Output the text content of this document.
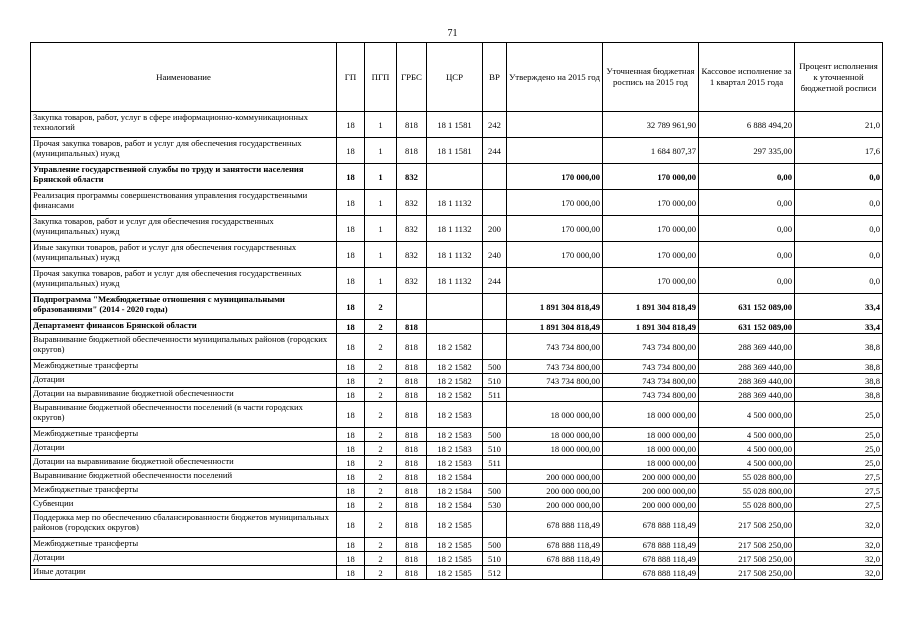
71
Наименование	ГП	ПГП	ГРБС	ЦСР	ВР	Утверждено на 2015 год	Уточненная бюджетная роспись на 2015 год	Кассовое исполнение за 1 квартал 2015 года	Процент исполнения к уточненной бюджетной росписи
Закупка товаров, работ, услуг в сфере информационно-коммуникационных технологий	18	1	818	18 1 1581	242		32 789 961,90	6 888 494,20	21,0
Прочая закупка товаров, работ и услуг для обеспечения государственных (муниципальных) нужд	18	1	818	18 1 1581	244		1 684 807,37	297 335,00	17,6
Управление государственной службы по труду и занятости населения Брянской области	18	1	832			170 000,00	170 000,00	0,00	0,0
Реализация программы совершенствования управления государственными финансами	18	1	832	18 1 1132		170 000,00	170 000,00	0,00	0,0
Закупка товаров, работ и услуг для обеспечения государственных (муниципальных) нужд	18	1	832	18 1 1132	200	170 000,00	170 000,00	0,00	0,0
Иные закупки товаров, работ и услуг для обеспечения государственных (муниципальных) нужд	18	1	832	18 1 1132	240	170 000,00	170 000,00	0,00	0,0
Прочая закупка товаров, работ и услуг для обеспечения государственных (муниципальных) нужд	18	1	832	18 1 1132	244		170 000,00	0,00	0,0
Подпрограмма "Межбюджетные отношения с муниципальными образованиями" (2014 - 2020 годы)	18	2				1 891 304 818,49	1 891 304 818,49	631 152 089,00	33,4
Департамент финансов Брянской области	18	2	818			1 891 304 818,49	1 891 304 818,49	631 152 089,00	33,4
Выравнивание бюджетной обеспеченности муниципальных районов (городских округов)	18	2	818	18 2 1582		743 734 800,00	743 734 800,00	288 369 440,00	38,8
Межбюджетные трансферты	18	2	818	18 2 1582	500	743 734 800,00	743 734 800,00	288 369 440,00	38,8
Дотации	18	2	818	18 2 1582	510	743 734 800,00	743 734 800,00	288 369 440,00	38,8
Дотации на выравнивание бюджетной обеспеченности	18	2	818	18 2 1582	511		743 734 800,00	288 369 440,00	38,8
Выравнивание бюджетной обеспеченности поселений (в части городских округов)	18	2	818	18 2 1583		18 000 000,00	18 000 000,00	4 500 000,00	25,0
Межбюджетные трансферты	18	2	818	18 2 1583	500	18 000 000,00	18 000 000,00	4 500 000,00	25,0
Дотации	18	2	818	18 2 1583	510	18 000 000,00	18 000 000,00	4 500 000,00	25,0
Дотации на выравнивание бюджетной обеспеченности	18	2	818	18 2 1583	511		18 000 000,00	4 500 000,00	25,0
Выравнивание бюджетной обеспеченности поселений	18	2	818	18 2 1584		200 000 000,00	200 000 000,00	55 028 800,00	27,5
Межбюджетные трансферты	18	2	818	18 2 1584	500	200 000 000,00	200 000 000,00	55 028 800,00	27,5
Субвенции	18	2	818	18 2 1584	530	200 000 000,00	200 000 000,00	55 028 800,00	27,5
Поддержка мер по обеспечению сбалансированности бюджетов муниципальных районов (городских округов)	18	2	818	18 2 1585		678 888 118,49	678 888 118,49	217 508 250,00	32,0
Межбюджетные трансферты	18	2	818	18 2 1585	500	678 888 118,49	678 888 118,49	217 508 250,00	32,0
Дотации	18	2	818	18 2 1585	510	678 888 118,49	678 888 118,49	217 508 250,00	32,0
Иные дотации	18	2	818	18 2 1585	512		678 888 118,49	217 508 250,00	32,0
